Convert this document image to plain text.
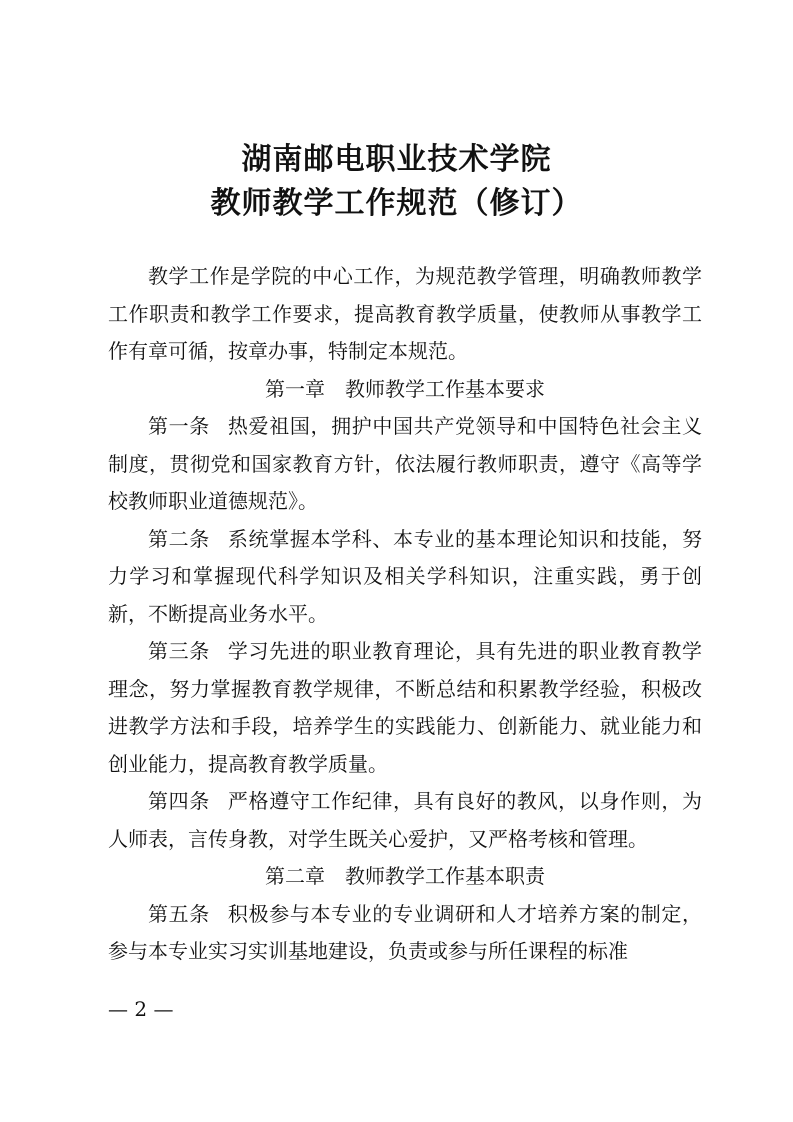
湖南邮电职业技术学院
教师教学工作规范（修订）

教学工作是学院的中心工作，为规范教学管理，明确教师教学工作职责和教学工作要求，提高教育教学质量，使教师从事教学工作有章可循，按章办事，特制定本规范。

第一章　教师教学工作基本要求

第一条 热爱祖国，拥护中国共产党领导和中国特色社会主义制度，贯彻党和国家教育方针，依法履行教师职责，遵守《高等学校教师职业道德规范》。

第二条 系统掌握本学科、本专业的基本理论知识和技能，努力学习和掌握现代科学知识及相关学科知识，注重实践，勇于创新，不断提高业务水平。

第三条 学习先进的职业教育理论，具有先进的职业教育教学理念，努力掌握教育教学规律，不断总结和积累教学经验，积极改进教学方法和手段，培养学生的实践能力、创新能力、就业能力和创业能力，提高教育教学质量。

第四条 严格遵守工作纪律，具有良好的教风，以身作则，为人师表，言传身教，对学生既关心爱护，又严格考核和管理。

第二章　教师教学工作基本职责

第五条 积极参与本专业的专业调研和人才培养方案的制定，参与本专业实习实训基地建设，负责或参与所任课程的标准

— 2 —
